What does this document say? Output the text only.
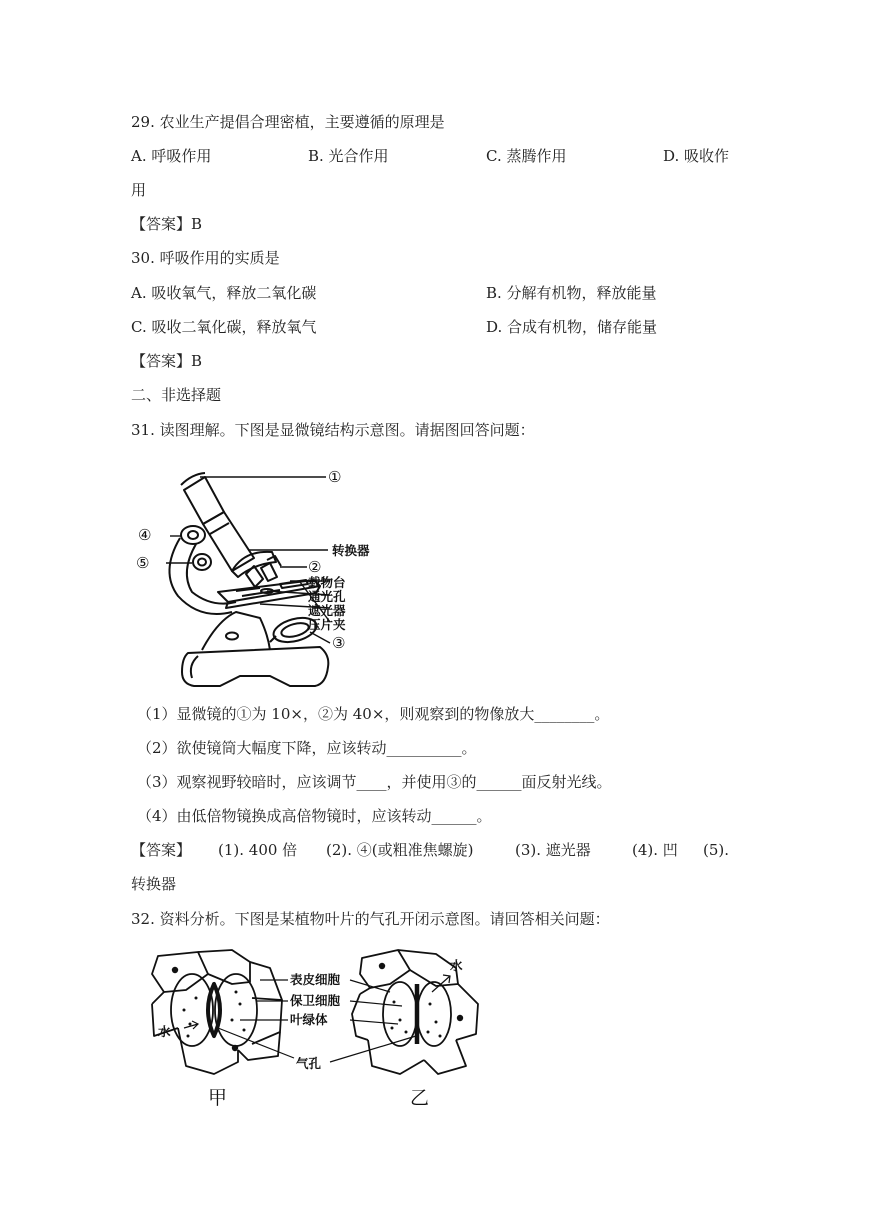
29. 农业生产提倡合理密植，主要遵循的原理是
A. 呼吸作用	B. 光合作用	C. 蒸腾作用	D. 吸收作
用
【答案】B
30. 呼吸作用的实质是
A. 吸收氧气，释放二氧化碳	B. 分解有机物，释放能量
C. 吸收二氧化碳，释放氧气	D. 合成有机物，储存能量
【答案】B
二、非选择题
31. 读图理解。下图是显微镜结构示意图。请据图回答问题：
①
④
⑤	②
③
转换器
载物台
通光孔
遮光器
压片夹
（1）显微镜的①为 10×，②为 40×，则观察到的物像放大________。
（2）欲使镜筒大幅度下降，应该转动__________。
（3）观察视野较暗时，应该调节____，并使用③的______面反射光线。
（4）由低倍物镜换成高倍物镜时，应该转动______。
【答案】 (1). 400 倍 (2). ④(或粗准焦螺旋)	(3). 遮光器	(4). 凹 (5).
转换器
32. 资料分析。下图是某植物叶片的气孔开闭示意图。请回答相关问题：
表皮细胞
保卫细胞
叶绿体
气孔
水
水
甲	乙
